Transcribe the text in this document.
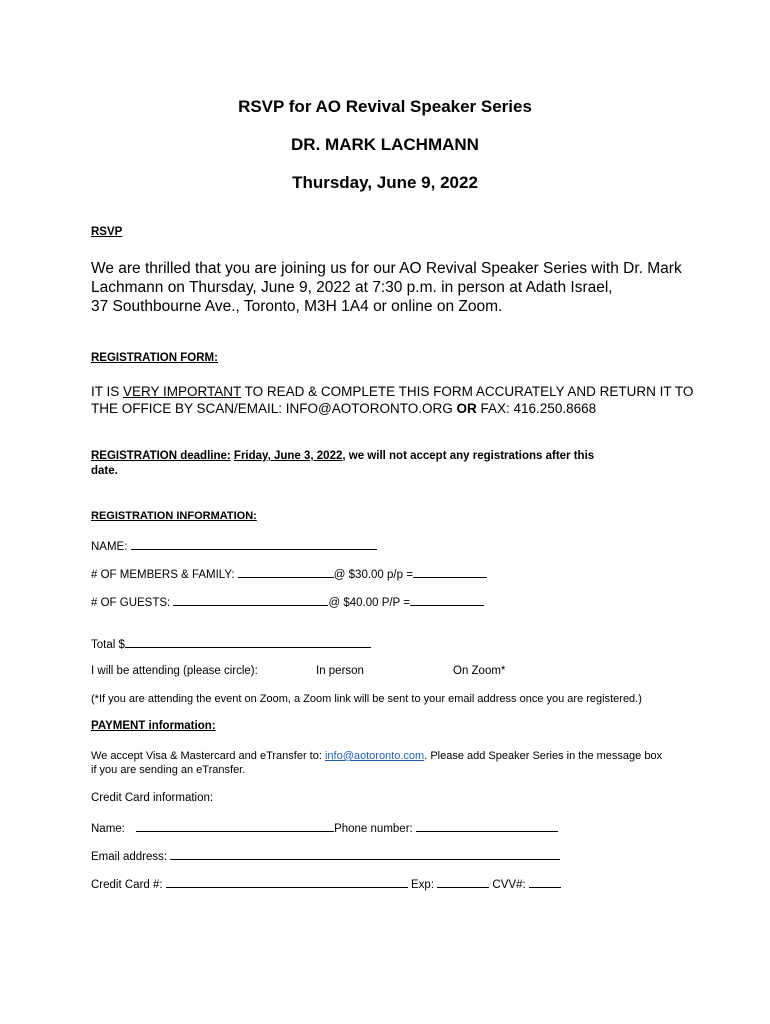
RSVP for AO Revival Speaker Series
DR. MARK LACHMANN
Thursday, June 9, 2022
RSVP
We are thrilled that you are joining us for our AO Revival Speaker Series with Dr. Mark
Lachmann on Thursday, June 9, 2022 at 7:30 p.m. in person at Adath Israel,
37 Southbourne Ave., Toronto, M3H 1A4 or online on Zoom.
REGISTRATION FORM:
IT IS VERY IMPORTANT TO READ & COMPLETE THIS FORM ACCURATELY AND RETURN IT TO
THE OFFICE BY SCAN/EMAIL: INFO@AOTORONTO.ORG OR FAX: 416.250.8668
REGISTRATION deadline: Friday, June 3, 2022, we will not accept any registrations after this
date.
REGISTRATION INFORMATION:
NAME:
# OF MEMBERS & FAMILY:	@ $30.00 p/p =
# OF GUESTS:	@ $40.00 P/P =
Total $
I will be attending (please circle):	In person	On Zoom*
(*If you are attending the event on Zoom, a Zoom link will be sent to your email address once you are registered.)
PAYMENT information:
We accept Visa & Mastercard and eTransfer to: info@aotoronto.com. Please add Speaker Series in the message box
if you are sending an eTransfer.
Credit Card information:
Name:	Phone number:
Email address:
Credit Card #:	Exp:	CVV#:
